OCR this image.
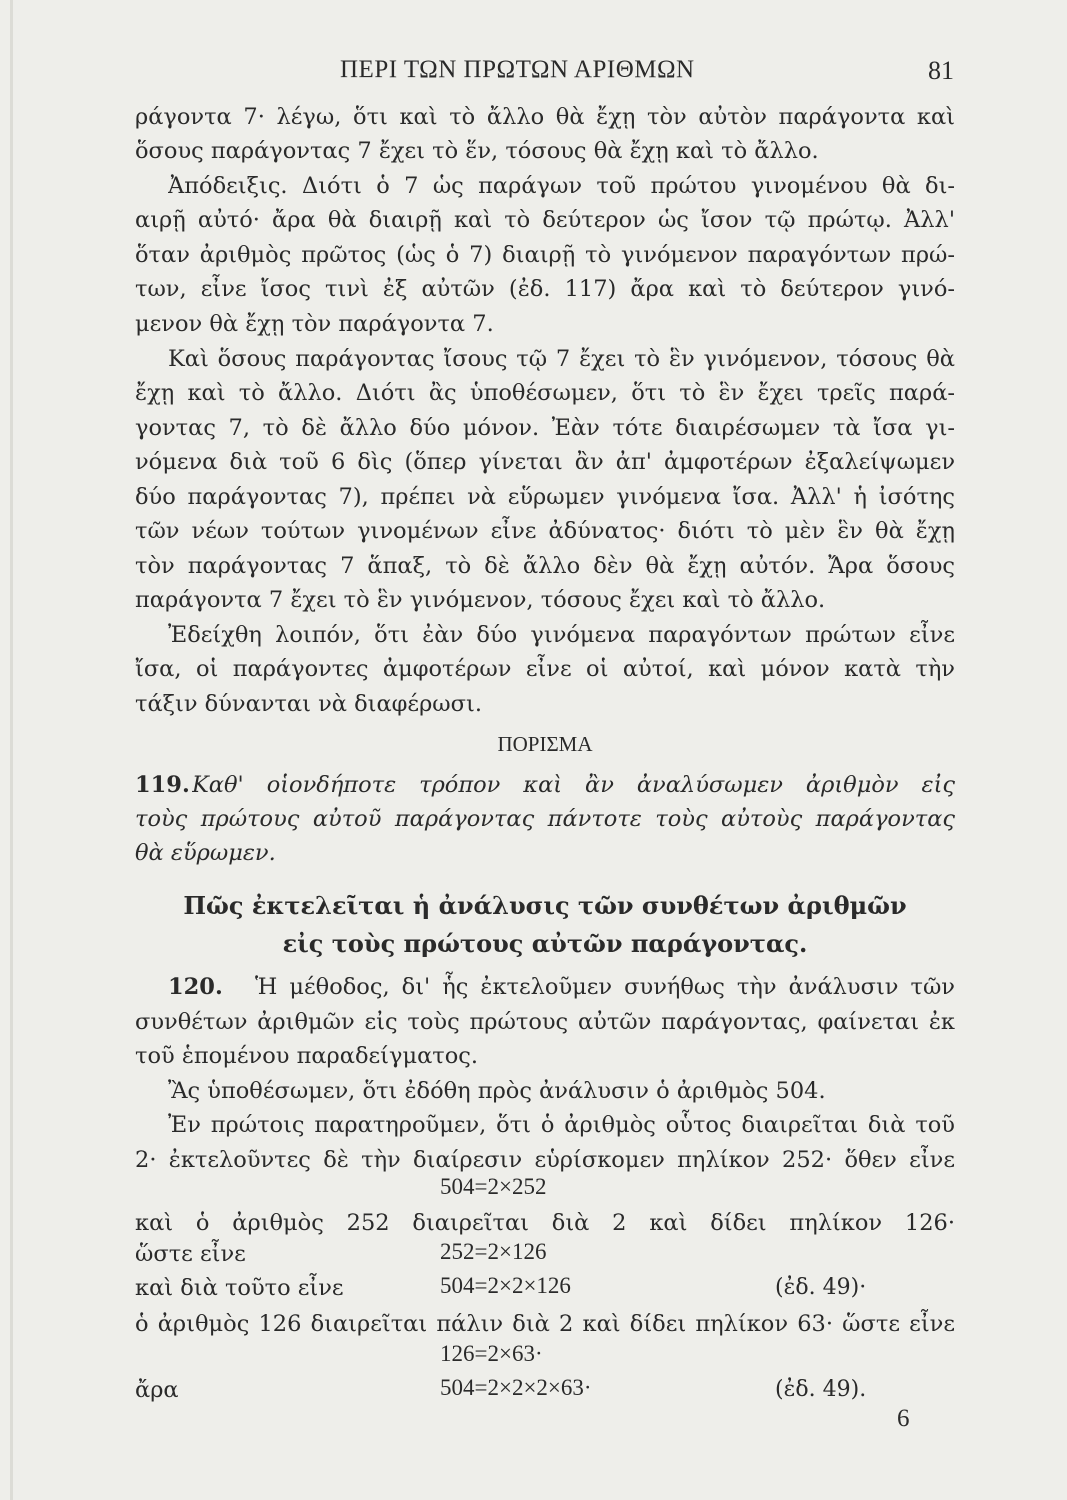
ΠΕΡΙ ΤΩΝ ΠΡΩΤΩΝ ΑΡΙΘΜΩΝ	81
ράγοντα 7· λέγω, ὅτι καὶ τὸ ἄλλο θὰ ἔχῃ τὸν αὐτὸν παράγοντα καὶ
ὅσους παράγοντας 7 ἔχει τὸ ἕν, τόσους θὰ ἔχῃ καὶ τὸ ἄλλο.
Ἀπόδειξις. Διότι ὁ 7 ὡς παράγων τοῦ πρώτου γινομένου θὰ δι-
αιρῇ αὐτό· ἄρα θὰ διαιρῇ καὶ τὸ δεύτερον ὡς ἴσον τῷ πρώτῳ. Ἀλλ'
ὅταν ἀριθμὸς πρῶτος (ὡς ὁ 7) διαιρῇ τὸ γινόμενον παραγόντων πρώ-
των, εἶνε ἴσος τινὶ ἐξ αὐτῶν (ἐδ. 117) ἄρα καὶ τὸ δεύτερον γινό-
μενον θὰ ἔχῃ τὸν παράγοντα 7.
Καὶ ὅσους παράγοντας ἴσους τῷ 7 ἔχει τὸ ἓν γινόμενον, τόσους θὰ
ἔχῃ καὶ τὸ ἄλλο. Διότι ἂς ὑποθέσωμεν, ὅτι τὸ ἓν ἔχει τρεῖς παρά-
γοντας 7, τὸ δὲ ἄλλο δύο μόνον. Ἐὰν τότε διαιρέσωμεν τὰ ἴσα γι-
νόμενα διὰ τοῦ 6 δὶς (ὅπερ γίνεται ἂν ἀπ' ἀμφοτέρων ἐξαλείψωμεν
δύο παράγοντας 7), πρέπει νὰ εὕρωμεν γινόμενα ἴσα. Ἀλλ' ἡ ἰσότης
τῶν νέων τούτων γινομένων εἶνε ἀδύνατος· διότι τὸ μὲν ἓν θὰ ἔχῃ
τὸν παράγοντας 7 ἅπαξ, τὸ δὲ ἄλλο δὲν θὰ ἔχῃ αὐτόν. Ἄρα ὅσους
παράγοντα 7 ἔχει τὸ ἓν γινόμενον, τόσους ἔχει καὶ τὸ ἄλλο.
Ἐδείχθη λοιπόν, ὅτι ἐὰν δύο γινόμενα παραγόντων πρώτων εἶνε
ἴσα, οἱ παράγοντες ἀμφοτέρων εἶνε οἱ αὐτοί, καὶ μόνον κατὰ τὴν
τάξιν δύνανται νὰ διαφέρωσι.
ΠΟΡΙΣΜΑ
Καθ' οἱονδήποτε τρόπον καὶ ἂν ἀναλύσωμεν ἀριθμὸν εἰς
119.
τοὺς πρώτους αὐτοῦ παράγοντας πάντοτε τοὺς αὐτοὺς παράγοντας
θὰ εὕρωμεν.
Πῶς ἐκτελεῖται ἡ ἀνάλυσις τῶν συνθέτων ἀριθμῶν
εἰς τοὺς πρώτους αὐτῶν παράγοντας.
120.	Ἡ μέθοδος, δι' ἧς ἐκτελοῦμεν συνήθως τὴν ἀνάλυσιν τῶν
συνθέτων ἀριθμῶν εἰς τοὺς πρώτους αὐτῶν παράγοντας, φαίνεται ἐκ
τοῦ ἑπομένου παραδείγματος.
Ἂς ὑποθέσωμεν, ὅτι ἐδόθη πρὸς ἀνάλυσιν ὁ ἀριθμὸς 504.
Ἐν πρώτοις παρατηροῦμεν, ὅτι ὁ ἀριθμὸς οὗτος διαιρεῖται διὰ τοῦ
2· ἐκτελοῦντες δὲ τὴν διαίρεσιν εὑρίσκομεν πηλίκον 252· ὅθεν εἶνε
504=2×252
καὶ ὁ ἀριθμὸς 252 διαιρεῖται διὰ 2 καὶ δίδει πηλίκον 126·
ὥστε εἶνε	252=2×126
καὶ διὰ τοῦτο εἶνε	504=2×2×126	(ἐδ. 49)·
ὁ ἀριθμὸς 126 διαιρεῖται πάλιν διὰ 2 καὶ δίδει πηλίκον 63· ὥστε εἶνε
126=2×63·
ἄρα	504=2×2×2×63·	(ἐδ. 49).
6
